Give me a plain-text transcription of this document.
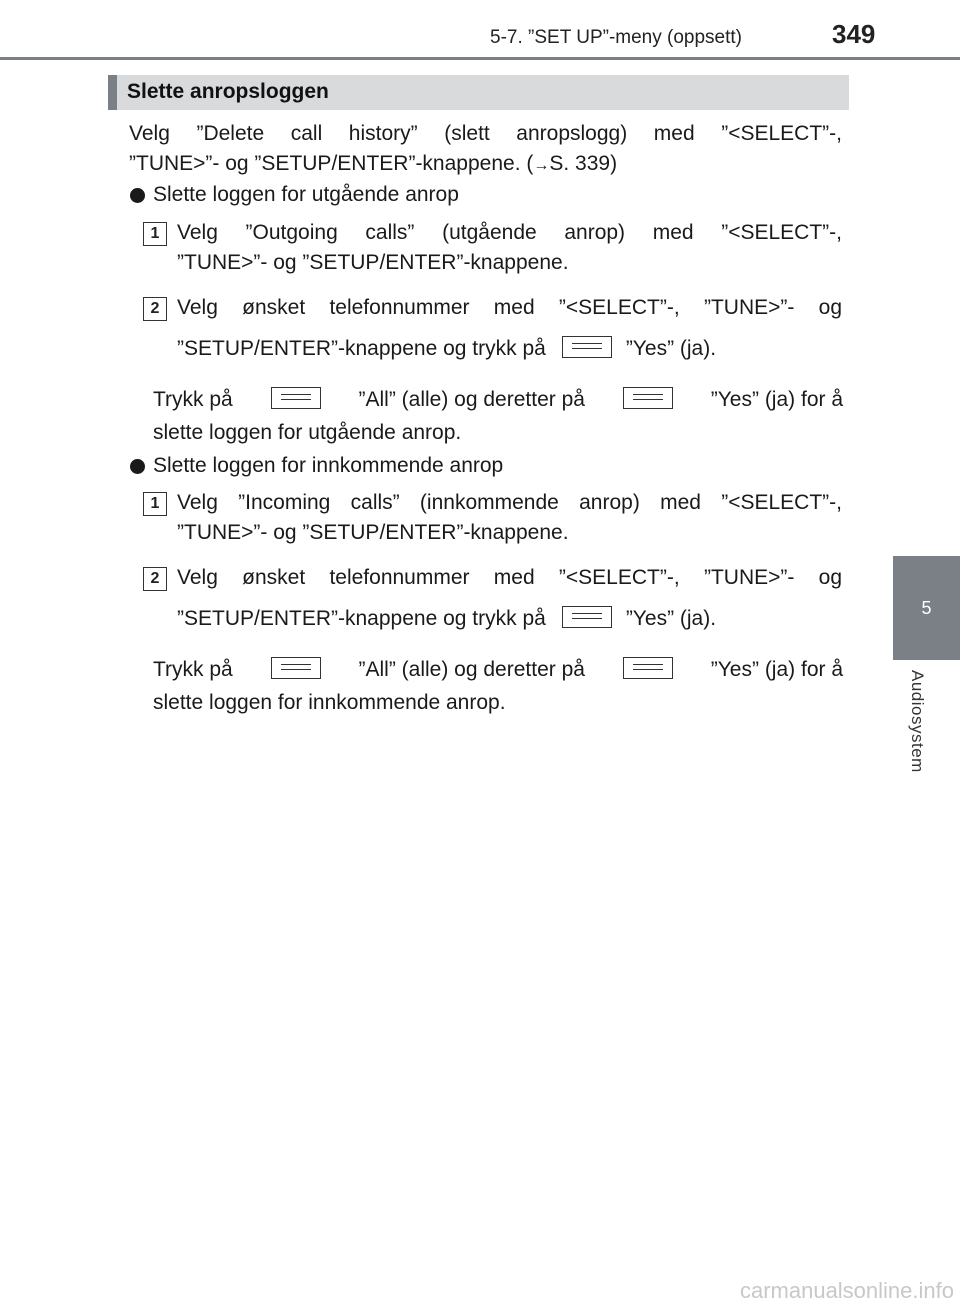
5-7. ”SET UP”-meny (oppsett)	349
5
Audiosystem
Slette anropsloggen
Velg ”Delete call history” (slett anropslogg) med ”<SELECT”-,
”TUNE>”- og ”SETUP/ENTER”-knappene. (→S. 339)
Slette loggen for utgående anrop
1 Velg ”Outgoing calls” (utgående anrop) med ”<SELECT”-,
”TUNE>”- og ”SETUP/ENTER”-knappene.
2 Velg ønsket telefonnummer med ”<SELECT”-, ”TUNE>”- og
”SETUP/ENTER”-knappene og trykk på	”Yes” (ja).
Trykk på	”All” (alle) og deretter på	”Yes” (ja) for å
slette loggen for utgående anrop.
Slette loggen for innkommende anrop
1 Velg ”Incoming calls” (innkommende anrop) med ”<SELECT”-,
”TUNE>”- og ”SETUP/ENTER”-knappene.
2 Velg ønsket telefonnummer med ”<SELECT”-, ”TUNE>”- og
”SETUP/ENTER”-knappene og trykk på	”Yes” (ja).
Trykk på	”All” (alle) og deretter på	”Yes” (ja) for å
slette loggen for innkommende anrop.
carmanualsonline.info
